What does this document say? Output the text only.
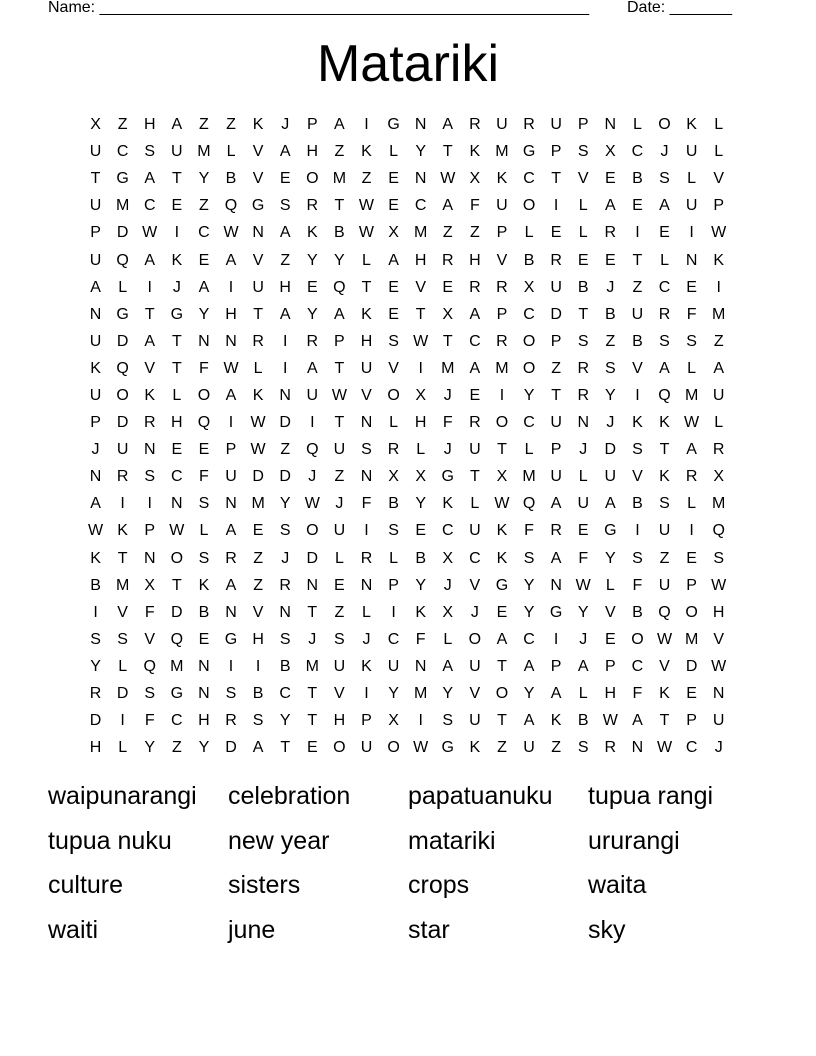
Name: _______________________________________________________ Date: _______
Matariki
X	Z	H A	Z	Z	K	J	P	A	I	G N A R U R U P N	L	O K	L
U C S U M L	V	A H	Z	K	L	Y	T	K M G P	S	X C	J	U	L
T G A	T	Y	B	V	E O M Z	E N W X	K C	T	V	E	B	S	L	V
U M C E	Z Q G S R	T W E C A	F	U O	I	L	A	E	A U P
P D W	I	C W N A	K	B W X M Z	Z	P	L	E	L	R	I	E	I	W
U Q A	K	E	A	V	Z	Y	Y	L	A H R H V	B R E	E	T	L	N K
A	L	I	J	A	I	U H E Q T	E	V	E R R X U B	J	Z	C E	I
N G T G Y H	T	A	Y	A	K	E	T	X	A	P C D	T	B U R	F M
U D A	T	N N R	I	R P H S W T	C R O P	S	Z	B	S	S	Z
K Q V	T	F W L	I	A	T	U V	I	M A M O Z	R S	V	A	L	A
U O K	L	O A	K N U W V O X	J	E	I	Y	T	R Y	I	Q M U
P D R H Q	I	W D	I	T	N	L	H	F	R O C U N	J	K	K W L
J	U N E	E	P W Z Q U S R	L	J	U	T	L	P	J	D S	T	A R
N R S C	F	U D D	J	Z	N X	X G T	X M U	L	U V	K R X
A	I	I	N S N M Y W J	F	B	Y	K	L W Q A U A	B	S	L M
W K	P W L	A	E	S O U	I	S	E C U K	F	R E G	I	U	I	Q
K	T	N O S R	Z	J	D	L	R	L	B	X C K	S	A	F	Y	S	Z	E	S
B M X	T	K	A	Z	R N E N P	Y	J	V G Y N W L	F	U P W
I	V	F	D B N V N	T	Z	L	I	K	X	J	E	Y G Y	V	B Q O H
S	S	V Q E G H S	J	S	J	C	F	L	O A C	I	J	E O W M V
Y	L	Q M N	I	I	B M U K U N A U	T	A	P	A	P C V D W
R D S G N S	B C	T	V	I	Y M Y	V O Y	A	L	H	F	K	E N
D	I	F	C H R S	Y	T	H P	X	I	S U	T	A	K	B W A	T	P U
H	L	Y	Z	Y D A	T	E O U O W G K	Z	U	Z	S R N W C	J
waipunarangi	celebration	papatuanuku	tupua rangi
tupua nuku	new year	matariki	ururangi
culture	sisters	crops	waita
waiti	june	star	sky
